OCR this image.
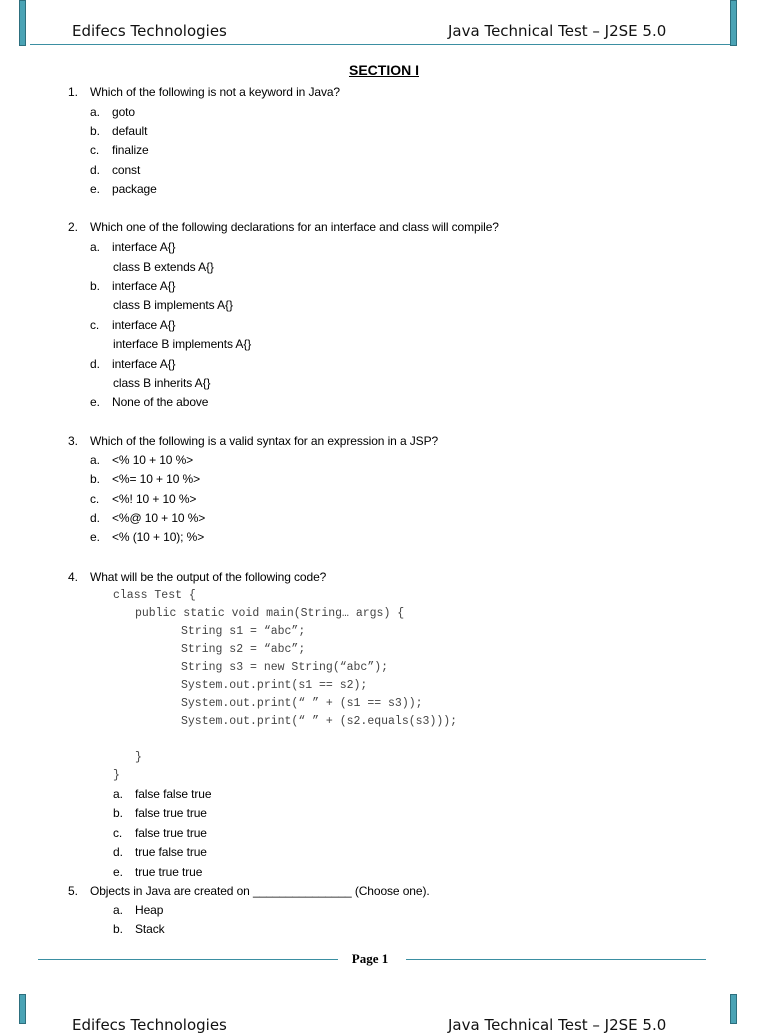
Edifecs Technologies	Java Technical Test – J2SE 5.0
SECTION I
1. Which of the following is not a keyword in Java?
a. goto
b. default
c. finalize
d. const
e. package
2. Which one of the following declarations for an interface and class will compile?
a. interface A{}
class B extends A{}
b. interface A{}
class B implements A{}
c. interface A{}
interface B implements A{}
d. interface A{}
class B inherits A{}
e. None of the above
3. Which of the following is a valid syntax for an expression in a JSP?
a. <% 10 + 10 %>
b. <%= 10 + 10 %>
c. <%! 10 + 10 %>
d. <%@ 10 + 10 %>
e. <% (10 + 10); %>
4. What will be the output of the following code?
class Test {
public static void main(String… args) {
String s1 = “abc”;
String s2 = “abc”;
String s3 = new String(“abc”);
System.out.print(s1 == s2);
System.out.print(“ ” + (s1 == s3));
System.out.print(“ ” + (s2.equals(s3)));
}
}
a. false false true
b. false true true
c. false true true
d. true false true
e. true true true
5. Objects in Java are created on _______________ (Choose one).
a. Heap
b. Stack
Page 1
Edifecs Technologies	Java Technical Test – J2SE 5.0
